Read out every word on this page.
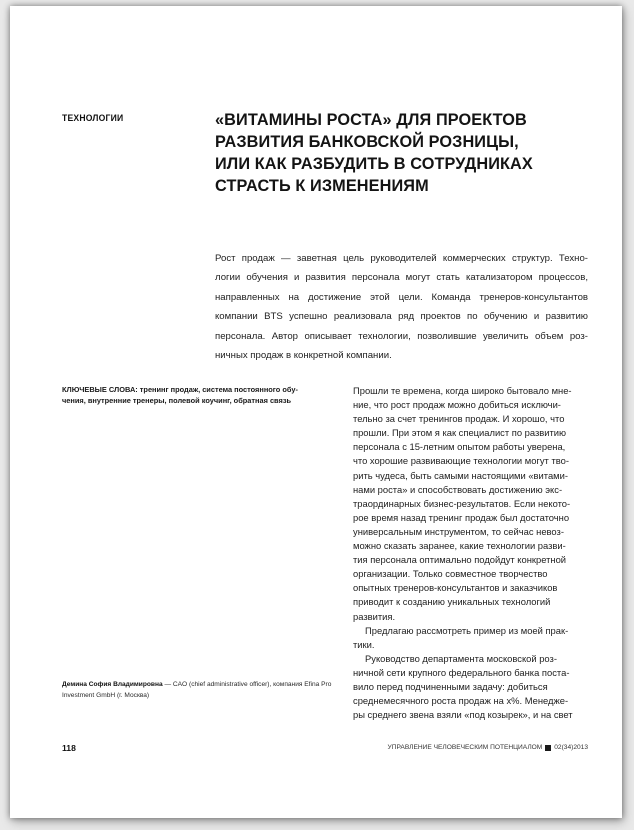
ТЕХНОЛОГИИ	«ВИТАМИНЫ РОСТА» ДЛЯ ПРОЕКТОВ
РАЗВИТИЯ БАНКОВСКОЙ РОЗНИЦЫ,
ИЛИ КАК РАЗБУДИТЬ В СОТРУДНИКАХ
СТРАСТЬ К ИЗМЕНЕНИЯМ
Рост продаж — заветная цель руководителей коммерческих структур. Техно-
логии обучения и развития персонала могут стать катализатором процессов,
направленных на достижение этой цели. Команда тренеров-консультантов
компании BTS успешно реализовала ряд проектов по обучению и развитию
персонала. Автор описывает технологии, позволившие увеличить объем роз-
ничных продаж в конкретной компании.
КЛЮЧЕВЫЕ СЛОВА: тренинг продаж, система постоянного обу-
чения, внутренние тренеры, полевой коучинг, обратная связь
Прошли те времена, когда широко бытовало мне-
ние, что рост продаж можно добиться исключи-
тельно за счет тренингов продаж. И хорошо, что
прошли. При этом я как специалист по развитию
персонала с 15-летним опытом работы уверена,
что хорошие развивающие технологии могут тво-
рить чудеса, быть самыми настоящими «витами-
нами роста» и способствовать достижению экс-
траординарных бизнес-результатов. Если некото-
рое время назад тренинг продаж был достаточно
универсальным инструментом, то сейчас невоз-
можно сказать заранее, какие технологии разви-
тия персонала оптимально подойдут конкретной
организации. Только совместное творчество
опытных тренеров-консультантов и заказчиков
приводит к созданию уникальных технологий
развития.
Предлагаю рассмотреть пример из моей прак-
тики.
Руководство департамента московской роз-
ничной сети крупного федерального банка поста-
вило перед подчиненными задачу: добиться
среднемесячного роста продаж на х%. Менедже-
ры среднего звена взяли «под козырек», и на свет
Демина София Владимировна — CAO (chief administrative officer), компания Efina Pro
Investment GmbH (г. Москва)
118	УПРАВЛЕНИЕ ЧЕЛОВЕЧЕСКИМ ПОТЕНЦИАЛОМ 02(34)2013
